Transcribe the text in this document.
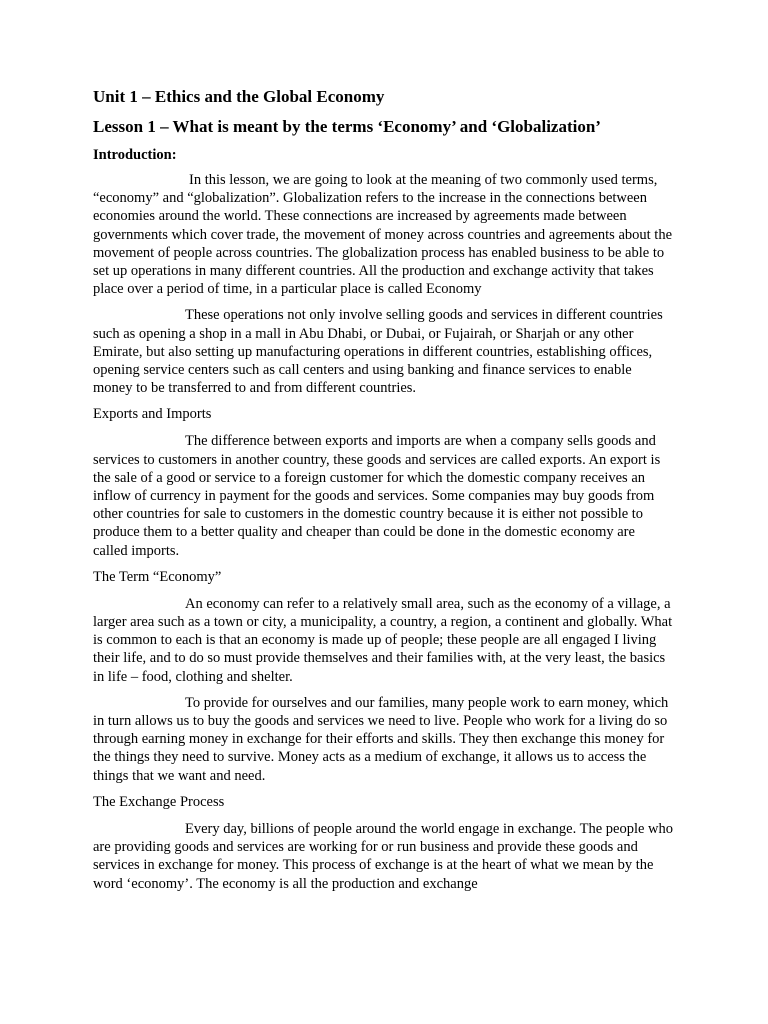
Unit 1 – Ethics and the Global Economy
Lesson 1 – What is meant by the terms ‘Economy’ and ‘Globalization’
Introduction:

In this lesson, we are going to look at the meaning of two commonly used terms, “economy” and “globalization”. Globalization refers to the increase in the connections between economies around the world. These connections are increased by agreements made between governments which cover trade, the movement of money across countries and agreements about the movement of people across countries. The globalization process has enabled business to be able to set up operations in many different countries. All the production and exchange activity that takes place over a period of time, in a particular place is called Economy

These operations not only involve selling goods and services in different countries such as opening a shop in a mall in Abu Dhabi, or Dubai, or Fujairah, or Sharjah or any other Emirate, but also setting up manufacturing operations in different countries, establishing offices, opening service centers such as call centers and using banking and finance services to enable money to be transferred to and from different countries.

Exports and Imports

The difference between exports and imports are when a company sells goods and services to customers in another country, these goods and services are called exports. An export is the sale of a good or service to a foreign customer for which the domestic company receives an inflow of currency in payment for the goods and services. Some companies may buy goods from other countries for sale to customers in the domestic country because it is either not possible to produce them to a better quality and cheaper than could be done in the domestic economy are called imports.

The Term “Economy”

An economy can refer to a relatively small area, such as the economy of a village, a larger area such as a town or city, a municipality, a country, a region, a continent and globally. What is common to each is that an economy is made up of people; these people are all engaged I living their life, and to do so must provide themselves and their families with, at the very least, the basics in life – food, clothing and shelter.

To provide for ourselves and our families, many people work to earn money, which in turn allows us to buy the goods and services we need to live. People who work for a living do so through earning money in exchange for their efforts and skills. They then exchange this money for the things they need to survive. Money acts as a medium of exchange, it allows us to access the things that we want and need.

The Exchange Process

Every day, billions of people around the world engage in exchange. The people who are providing goods and services are working for or run business and provide these goods and services in exchange for money. This process of exchange is at the heart of what we mean by the word ‘economy’. The economy is all the production and exchange
